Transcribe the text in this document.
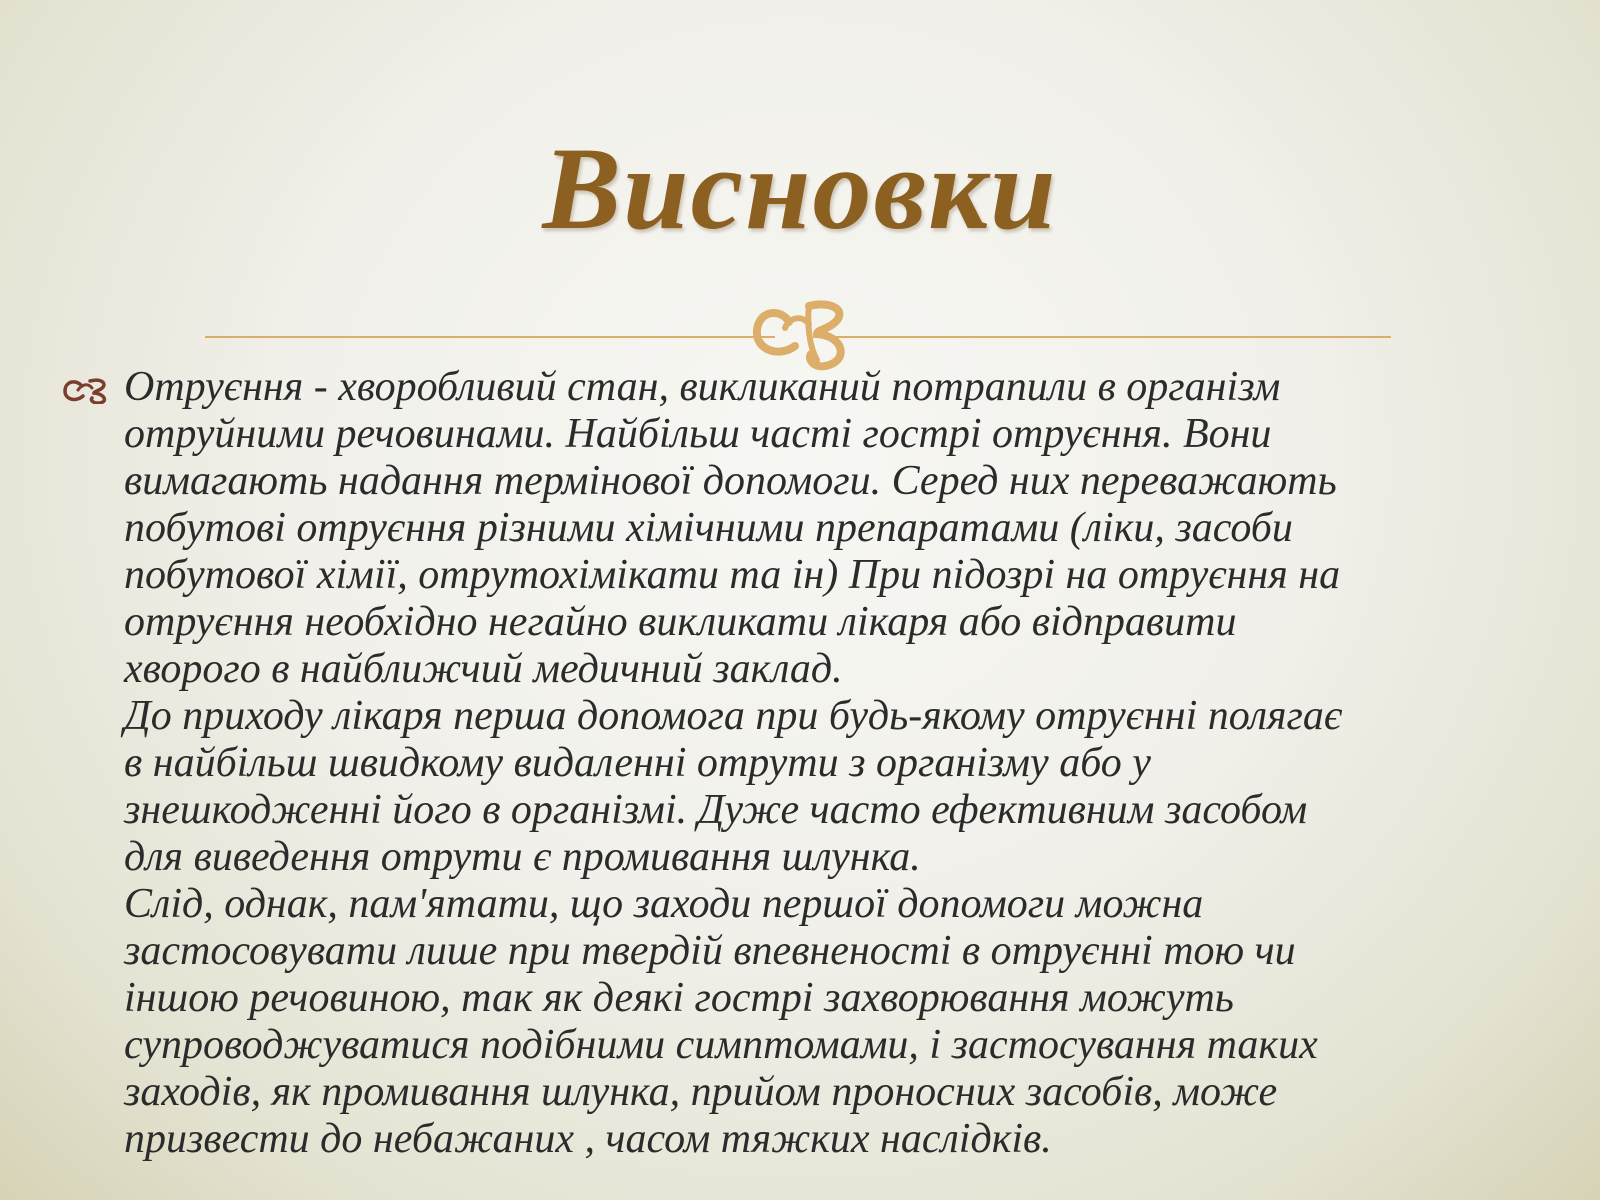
Висновки

Отруєння - хворобливий стан, викликаний потрапили в організм
отруйними речовинами. Найбільш часті гострі отруєння. Вони
вимагають надання термінової допомоги. Серед них переважають
побутові отруєння різними хімічними препаратами (ліки, засоби
побутової хімії, отрутохімікати та ін) При підозрі на отруєння на
отруєння необхідно негайно викликати лікаря або відправити
хворого в найближчий медичний заклад.

До приходу лікаря перша допомога при будь-якому отруєнні полягає
в найбільш швидкому видаленні отрути з організму або у
знешкодженні його в організмі. Дуже часто ефективним засобом
для виведення отрути є промивання шлунка.

Слід, однак, пам'ятати, що заходи першої допомоги можна
застосовувати лише при твердій впевненості в отруєнні тою чи
іншою речовиною, так як деякі гострі захворювання можуть
супроводжуватися подібними симптомами, і застосування таких
заходів, як промивання шлунка, прийом проносних засобів, може
призвести до небажаних , часом тяжких наслідків.
